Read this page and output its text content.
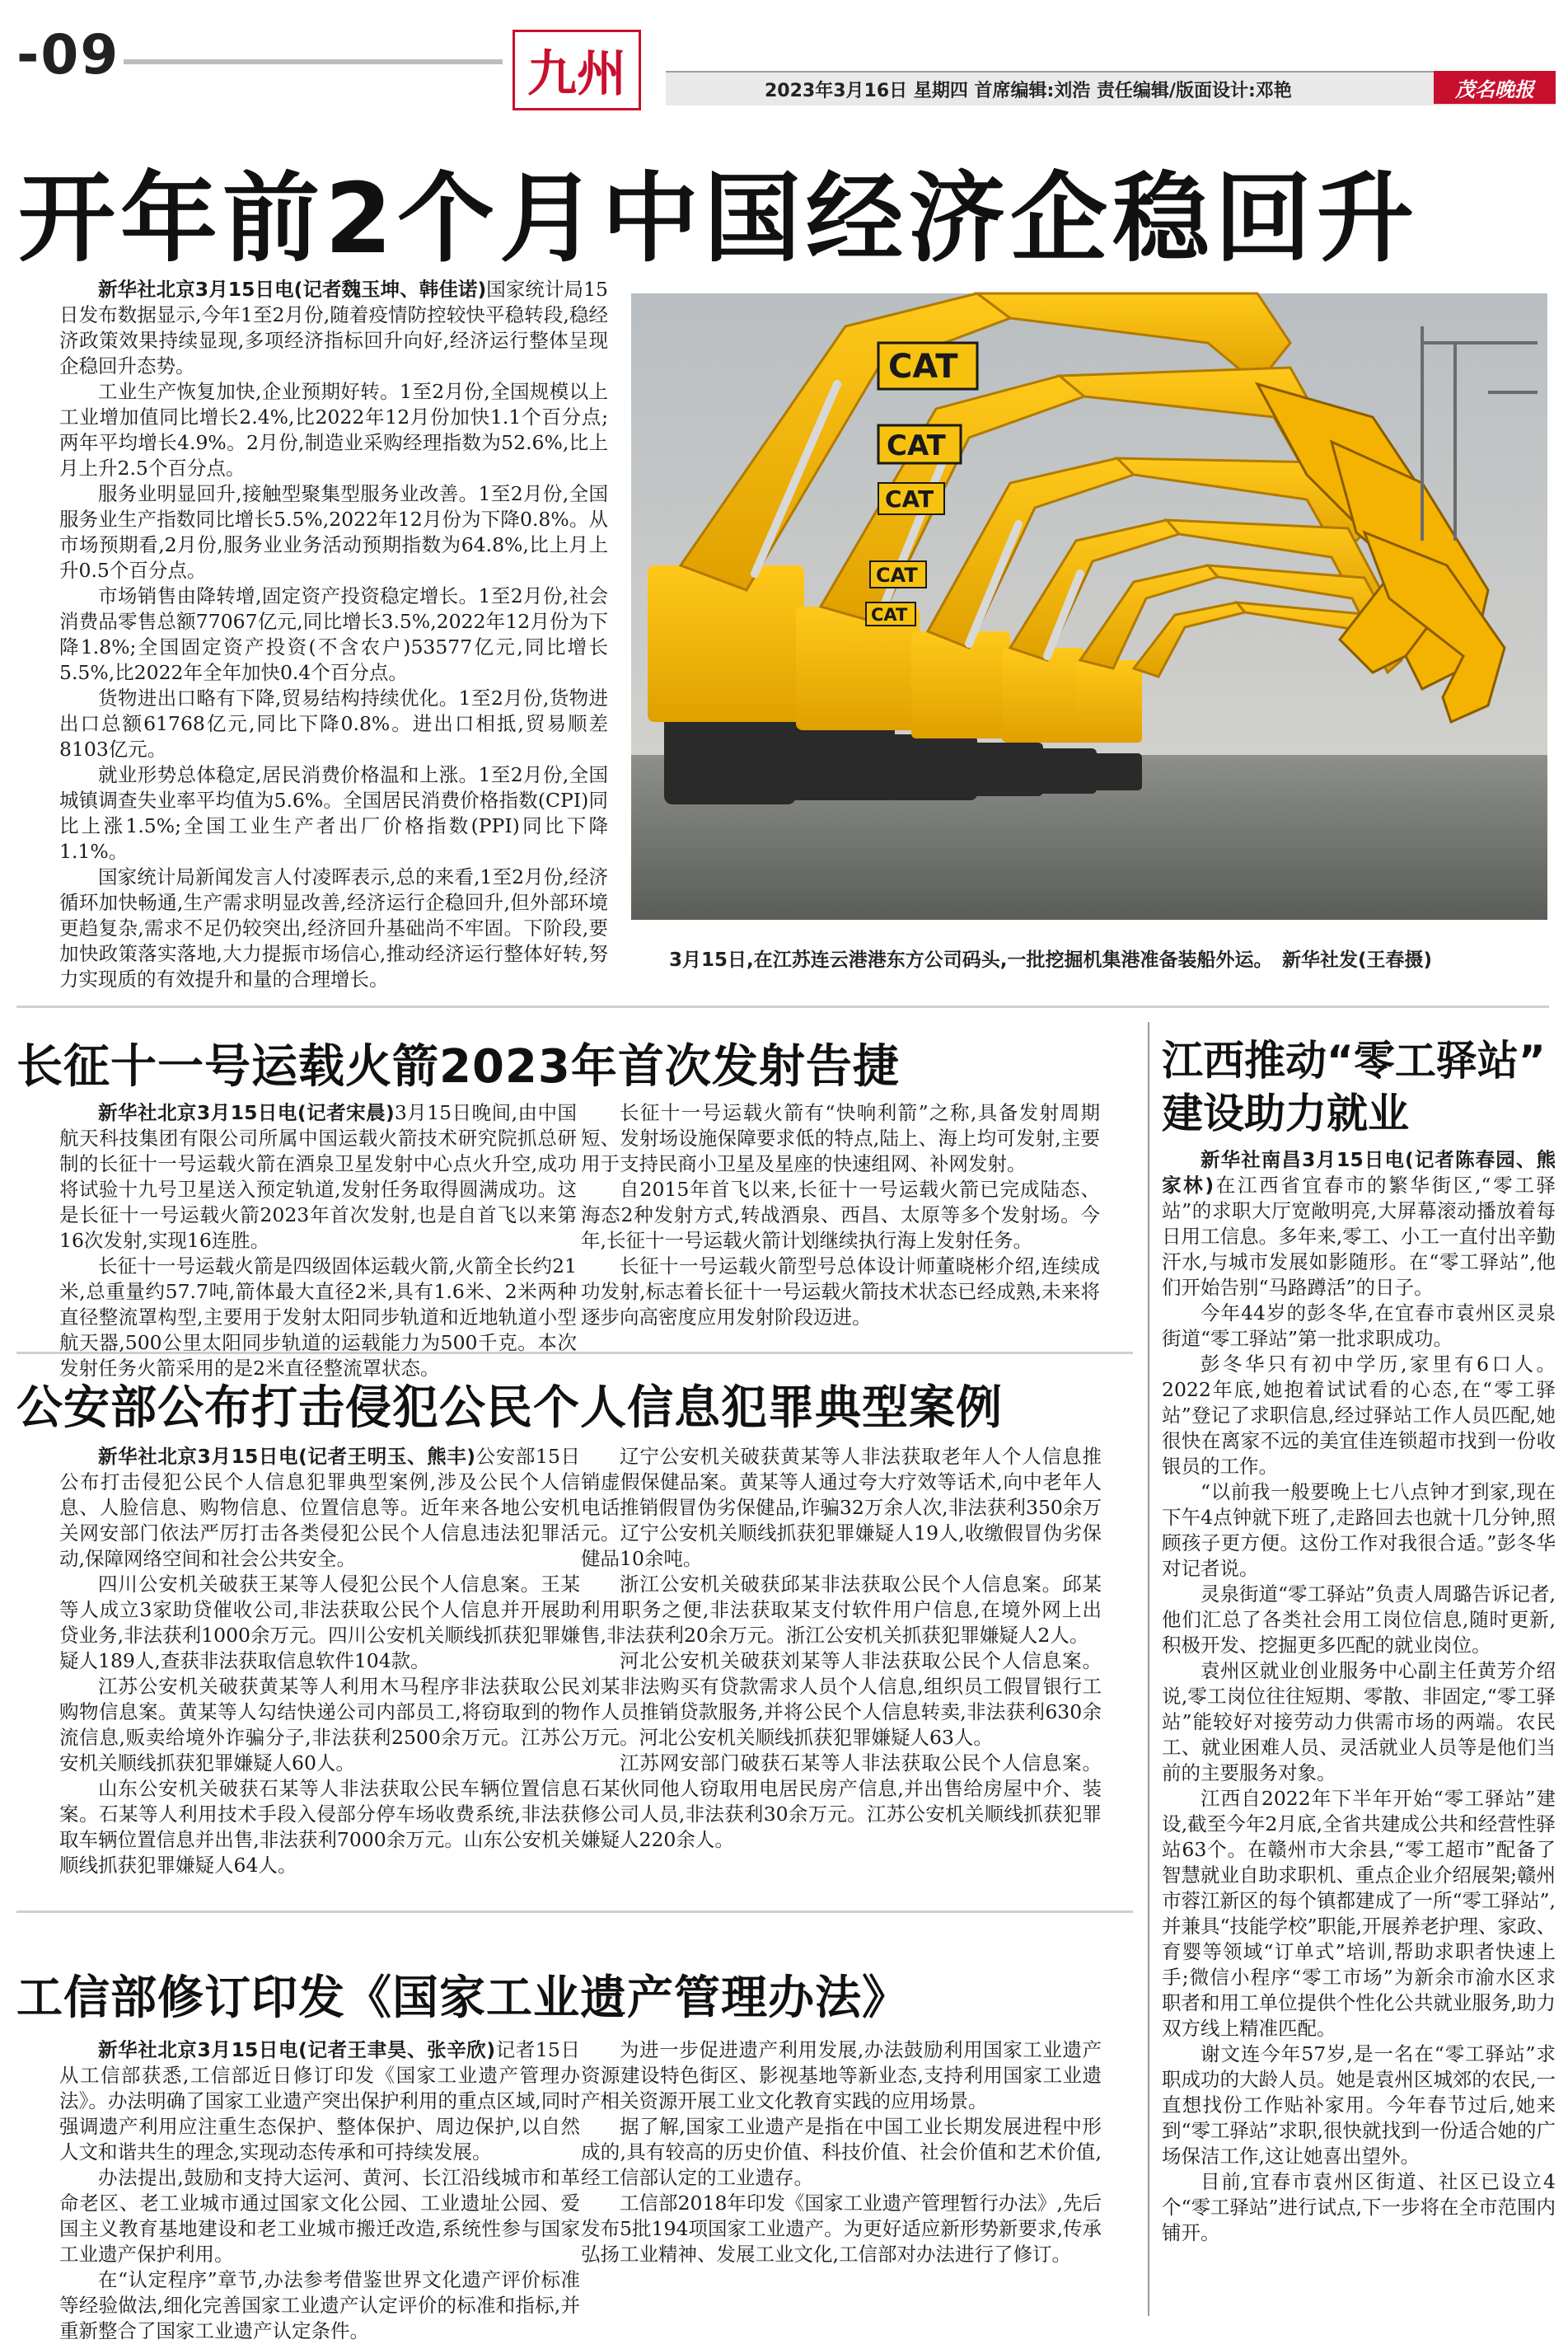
-09	九州	2023年3月16日 星期四 首席编辑:刘浩 责任编辑/版面设计:邓艳	茂名晚报
开年前2个月中国经济企稳回升

新华社北京3月15日电(记者魏玉坤、韩佳诺)国家统计局15日发布数据显示,今年1至2月份,随着疫情防控较快平稳转段,稳经济政策效果持续显现,多项经济指标回升向好,经济运行整体呈现企稳回升态势。

工业生产恢复加快,企业预期好转。1至2月份,全国规模以上工业增加值同比增长2.4%,比2022年12月份加快1.1个百分点;两年平均增长4.9%。2月份,制造业采购经理指数为52.6%,比上月上升2.5个百分点。

服务业明显回升,接触型聚集型服务业改善。1至2月份,全国服务业生产指数同比增长5.5%,2022年12月份为下降0.8%。从市场预期看,2月份,服务业业务活动预期指数为64.8%,比上月上升0.5个百分点。

市场销售由降转增,固定资产投资稳定增长。1至2月份,社会消费品零售总额77067亿元,同比增长3.5%,2022年12月份为下降1.8%;全国固定资产投资(不含农户)53577亿元,同比增长5.5%,比2022年全年加快0.4个百分点。

货物进出口略有下降,贸易结构持续优化。1至2月份,货物进出口总额61768亿元,同比下降0.8%。进出口相抵,贸易顺差8103亿元。

就业形势总体稳定,居民消费价格温和上涨。1至2月份,全国城镇调查失业率平均值为5.6%。全国居民消费价格指数(CPI)同比上涨1.5%;全国工业生产者出厂价格指数(PPI)同比下降1.1%。

国家统计局新闻发言人付凌晖表示,总的来看,1至2月份,经济循环加快畅通,生产需求明显改善,经济运行企稳回升,但外部环境更趋复杂,需求不足仍较突出,经济回升基础尚不牢固。下阶段,要加快政策落实落地,大力提振市场信心,推动经济运行整体好转,努力实现质的有效提升和量的合理增长。

CAT
CAT
CAT
CAT
CAT
3月15日,在江苏连云港港东方公司码头,一批挖掘机集港准备装船外运。　新华社发(王春摄)
长征十一号运载火箭2023年首次发射告捷

新华社北京3月15日电(记者宋晨)3月15日晚间,由中国航天科技集团有限公司所属中国运载火箭技术研究院抓总研制的长征十一号运载火箭在酒泉卫星发射中心点火升空,成功将试验十九号卫星送入预定轨道,发射任务取得圆满成功。这是长征十一号运载火箭2023年首次发射,也是自首飞以来第16次发射,实现16连胜。

长征十一号运载火箭是四级固体运载火箭,火箭全长约21米,总重量约57.7吨,箭体最大直径2米,具有1.6米、2米两种直径整流罩构型,主要用于发射太阳同步轨道和近地轨道小型航天器,500公里太阳同步轨道的运载能力为500千克。本次发射任务火箭采用的是2米直径整流罩状态。

长征十一号运载火箭有“快响利箭”之称,具备发射周期短、发射场设施保障要求低的特点,陆上、海上均可发射,主要用于支持民商小卫星及星座的快速组网、补网发射。

自2015年首飞以来,长征十一号运载火箭已完成陆态、海态2种发射方式,转战酒泉、西昌、太原等多个发射场。今年,长征十一号运载火箭计划继续执行海上发射任务。

长征十一号运载火箭型号总体设计师董晓彬介绍,连续成功发射,标志着长征十一号运载火箭技术状态已经成熟,未来将逐步向高密度应用发射阶段迈进。

公安部公布打击侵犯公民个人信息犯罪典型案例

新华社北京3月15日电(记者王明玉、熊丰)公安部15日公布打击侵犯公民个人信息犯罪典型案例,涉及公民个人信息、人脸信息、购物信息、位置信息等。近年来各地公安机关网安部门依法严厉打击各类侵犯公民个人信息违法犯罪活动,保障网络空间和社会公共安全。

四川公安机关破获王某等人侵犯公民个人信息案。王某等人成立3家助贷催收公司,非法获取公民个人信息并开展助贷业务,非法获利1000余万元。四川公安机关顺线抓获犯罪嫌疑人189人,查获非法获取信息软件104款。

江苏公安机关破获黄某等人利用木马程序非法获取公民购物信息案。黄某等人勾结快递公司内部员工,将窃取到的物流信息,贩卖给境外诈骗分子,非法获利2500余万元。江苏公安机关顺线抓获犯罪嫌疑人60人。

山东公安机关破获石某等人非法获取公民车辆位置信息案。石某等人利用技术手段入侵部分停车场收费系统,非法获取车辆位置信息并出售,非法获利7000余万元。山东公安机关顺线抓获犯罪嫌疑人64人。

辽宁公安机关破获黄某等人非法获取老年人个人信息推销虚假保健品案。黄某等人通过夸大疗效等话术,向中老年人电话推销假冒伪劣保健品,诈骗32万余人次,非法获利350余万元。辽宁公安机关顺线抓获犯罪嫌疑人19人,收缴假冒伪劣保健品10余吨。

浙江公安机关破获邱某非法获取公民个人信息案。邱某利用职务之便,非法获取某支付软件用户信息,在境外网上出售,非法获利20余万元。浙江公安机关抓获犯罪嫌疑人2人。

河北公安机关破获刘某等人非法获取公民个人信息案。刘某非法购买有贷款需求人员个人信息,组织员工假冒银行工作人员推销贷款服务,并将公民个人信息转卖,非法获利630余万元。河北公安机关顺线抓获犯罪嫌疑人63人。

江苏网安部门破获石某等人非法获取公民个人信息案。石某伙同他人窃取用电居民房产信息,并出售给房屋中介、装修公司人员,非法获利30余万元。江苏公安机关顺线抓获犯罪嫌疑人220余人。

工信部修订印发《国家工业遗产管理办法》

新华社北京3月15日电(记者王聿昊、张辛欣)记者15日从工信部获悉,工信部近日修订印发《国家工业遗产管理办法》。办法明确了国家工业遗产突出保护利用的重点区域,同时强调遗产利用应注重生态保护、整体保护、周边保护,以自然人文和谐共生的理念,实现动态传承和可持续发展。

办法提出,鼓励和支持大运河、黄河、长江沿线城市和革命老区、老工业城市通过国家文化公园、工业遗址公园、爱国主义教育基地建设和老工业城市搬迁改造,系统性参与国家工业遗产保护利用。

在“认定程序”章节,办法参考借鉴世界文化遗产评价标准等经验做法,细化完善国家工业遗产认定评价的标准和指标,并重新整合了国家工业遗产认定条件。

为进一步促进遗产利用发展,办法鼓励利用国家工业遗产资源建设特色街区、影视基地等新业态,支持利用国家工业遗产相关资源开展工业文化教育实践的应用场景。

据了解,国家工业遗产是指在中国工业长期发展进程中形成的,具有较高的历史价值、科技价值、社会价值和艺术价值,经工信部认定的工业遗存。

工信部2018年印发《国家工业遗产管理暂行办法》,先后发布5批194项国家工业遗产。为更好适应新形势新要求,传承弘扬工业精神、发展工业文化,工信部对办法进行了修订。

江西推动“零工驿站”
建设助力就业

新华社南昌3月15日电(记者陈春园、熊家林)在江西省宜春市的繁华街区,“零工驿站”的求职大厅宽敞明亮,大屏幕滚动播放着每日用工信息。多年来,零工、小工一直付出辛勤汗水,与城市发展如影随形。在“零工驿站”,他们开始告别“马路蹲活”的日子。

今年44岁的彭冬华,在宜春市袁州区灵泉街道“零工驿站”第一批求职成功。

彭冬华只有初中学历,家里有6口人。2022年底,她抱着试试看的心态,在“零工驿站”登记了求职信息,经过驿站工作人员匹配,她很快在离家不远的美宜佳连锁超市找到一份收银员的工作。

“以前我一般要晚上七八点钟才到家,现在下午4点钟就下班了,走路回去也就十几分钟,照顾孩子更方便。这份工作对我很合适。”彭冬华对记者说。

灵泉街道“零工驿站”负责人周璐告诉记者,他们汇总了各类社会用工岗位信息,随时更新,积极开发、挖掘更多匹配的就业岗位。

袁州区就业创业服务中心副主任黄芳介绍说,零工岗位往往短期、零散、非固定,“零工驿站”能较好对接劳动力供需市场的两端。农民工、就业困难人员、灵活就业人员等是他们当前的主要服务对象。

江西自2022年下半年开始“零工驿站”建设,截至今年2月底,全省共建成公共和经营性驿站63个。在赣州市大余县,“零工超市”配备了智慧就业自助求职机、重点企业介绍展架;赣州市蓉江新区的每个镇都建成了一所“零工驿站”,并兼具“技能学校”职能,开展养老护理、家政、育婴等领域“订单式”培训,帮助求职者快速上手;微信小程序“零工市场”为新余市渝水区求职者和用工单位提供个性化公共就业服务,助力双方线上精准匹配。

谢文连今年57岁,是一名在“零工驿站”求职成功的大龄人员。她是袁州区城郊的农民,一直想找份工作贴补家用。今年春节过后,她来到“零工驿站”求职,很快就找到一份适合她的广场保洁工作,这让她喜出望外。

目前,宜春市袁州区街道、社区已设立4个“零工驿站”进行试点,下一步将在全市范围内铺开。
